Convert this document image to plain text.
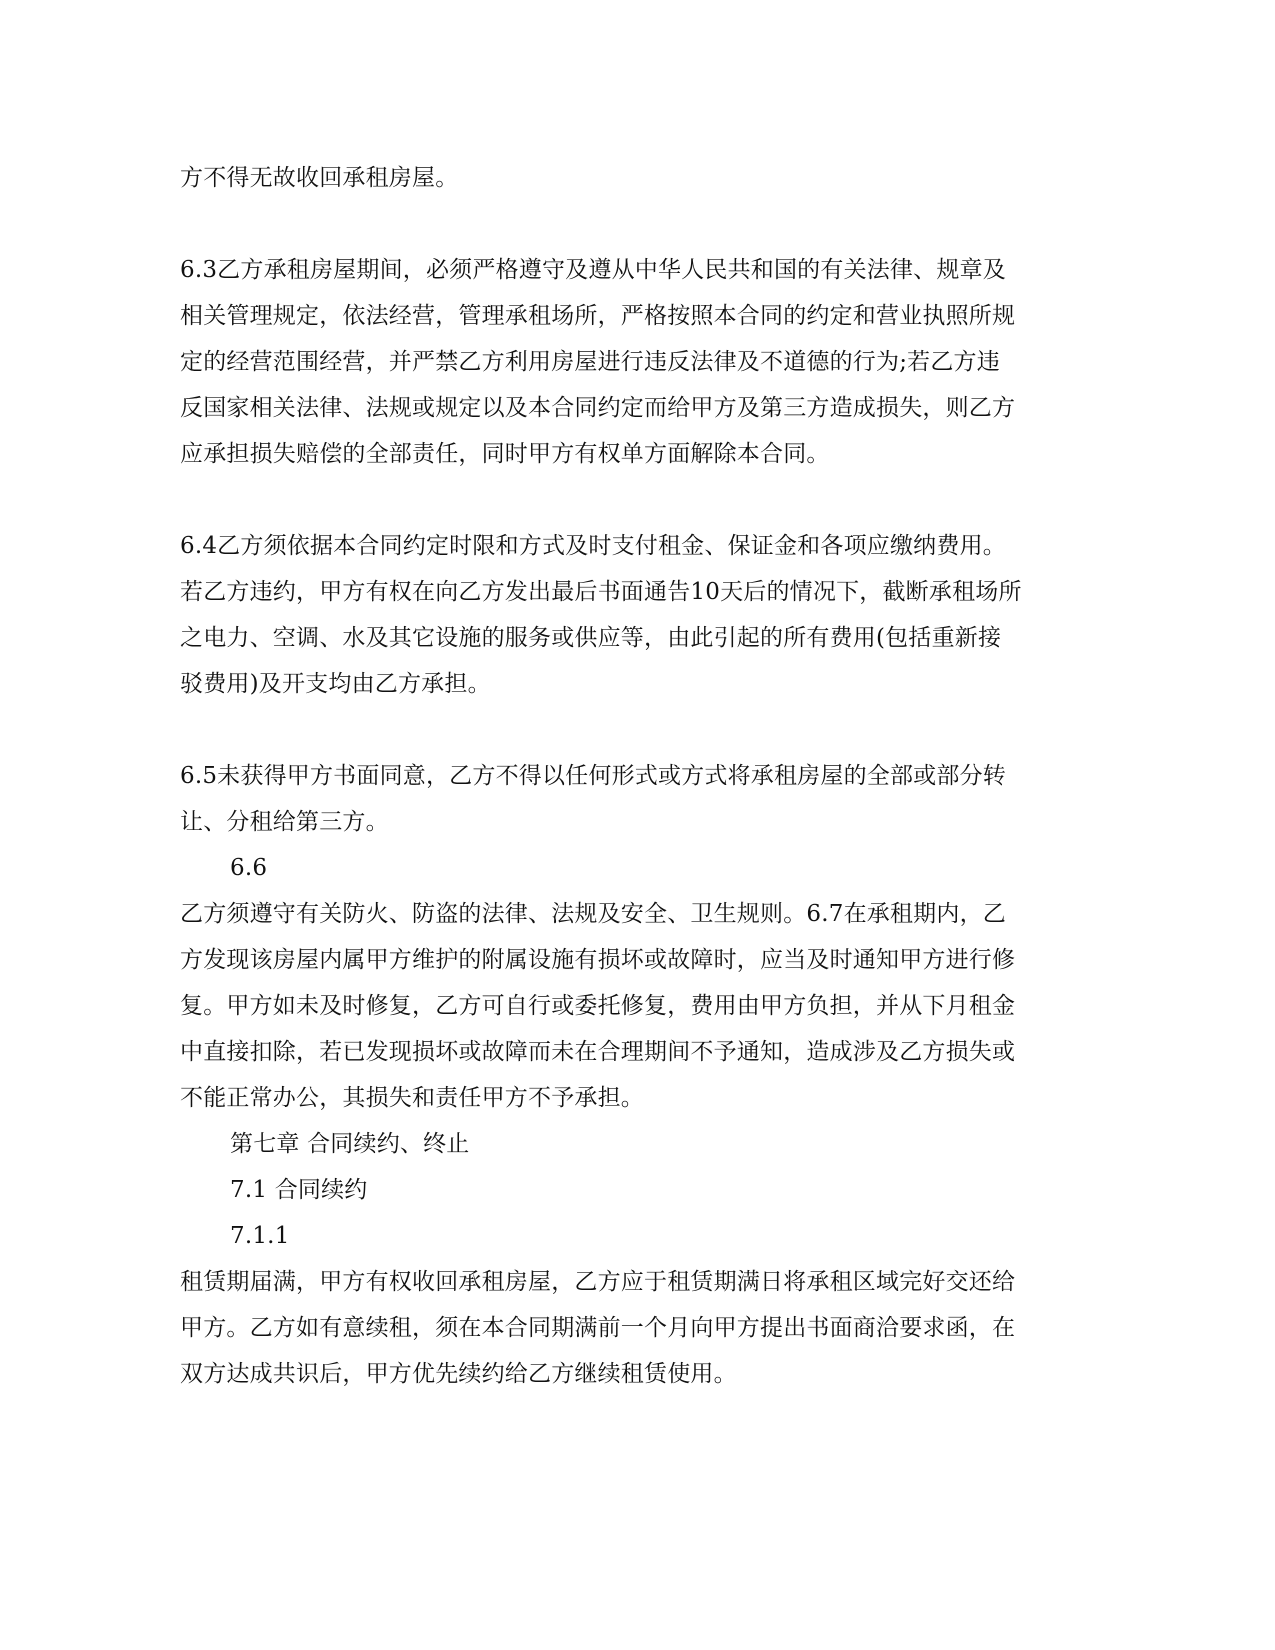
方不得无故收回承租房屋。
6.3乙方承租房屋期间，必须严格遵守及遵从中华人民共和国的有关法律、规章及
相关管理规定，依法经营，管理承租场所，严格按照本合同的约定和营业执照所规
定的经营范围经营，并严禁乙方利用房屋进行违反法律及不道德的行为;若乙方违
反国家相关法律、法规或规定以及本合同约定而给甲方及第三方造成损失，则乙方
应承担损失赔偿的全部责任，同时甲方有权单方面解除本合同。
6.4乙方须依据本合同约定时限和方式及时支付租金、保证金和各项应缴纳费用。
若乙方违约，甲方有权在向乙方发出最后书面通告10天后的情况下，截断承租场所
之电力、空调、水及其它设施的服务或供应等，由此引起的所有费用(包括重新接
驳费用)及开支均由乙方承担。
6.5未获得甲方书面同意，乙方不得以任何形式或方式将承租房屋的全部或部分转
让、分租给第三方。
6.6
乙方须遵守有关防火、防盗的法律、法规及安全、卫生规则。6.7在承租期内，乙
方发现该房屋内属甲方维护的附属设施有损坏或故障时，应当及时通知甲方进行修
复。甲方如未及时修复，乙方可自行或委托修复，费用由甲方负担，并从下月租金
中直接扣除，若已发现损坏或故障而未在合理期间不予通知，造成涉及乙方损失或
不能正常办公，其损失和责任甲方不予承担。
第七章 合同续约、终止
7.1 合同续约
7.1.1
租赁期届满，甲方有权收回承租房屋，乙方应于租赁期满日将承租区域完好交还给
甲方。乙方如有意续租，须在本合同期满前一个月向甲方提出书面商洽要求函，在
双方达成共识后，甲方优先续约给乙方继续租赁使用。
